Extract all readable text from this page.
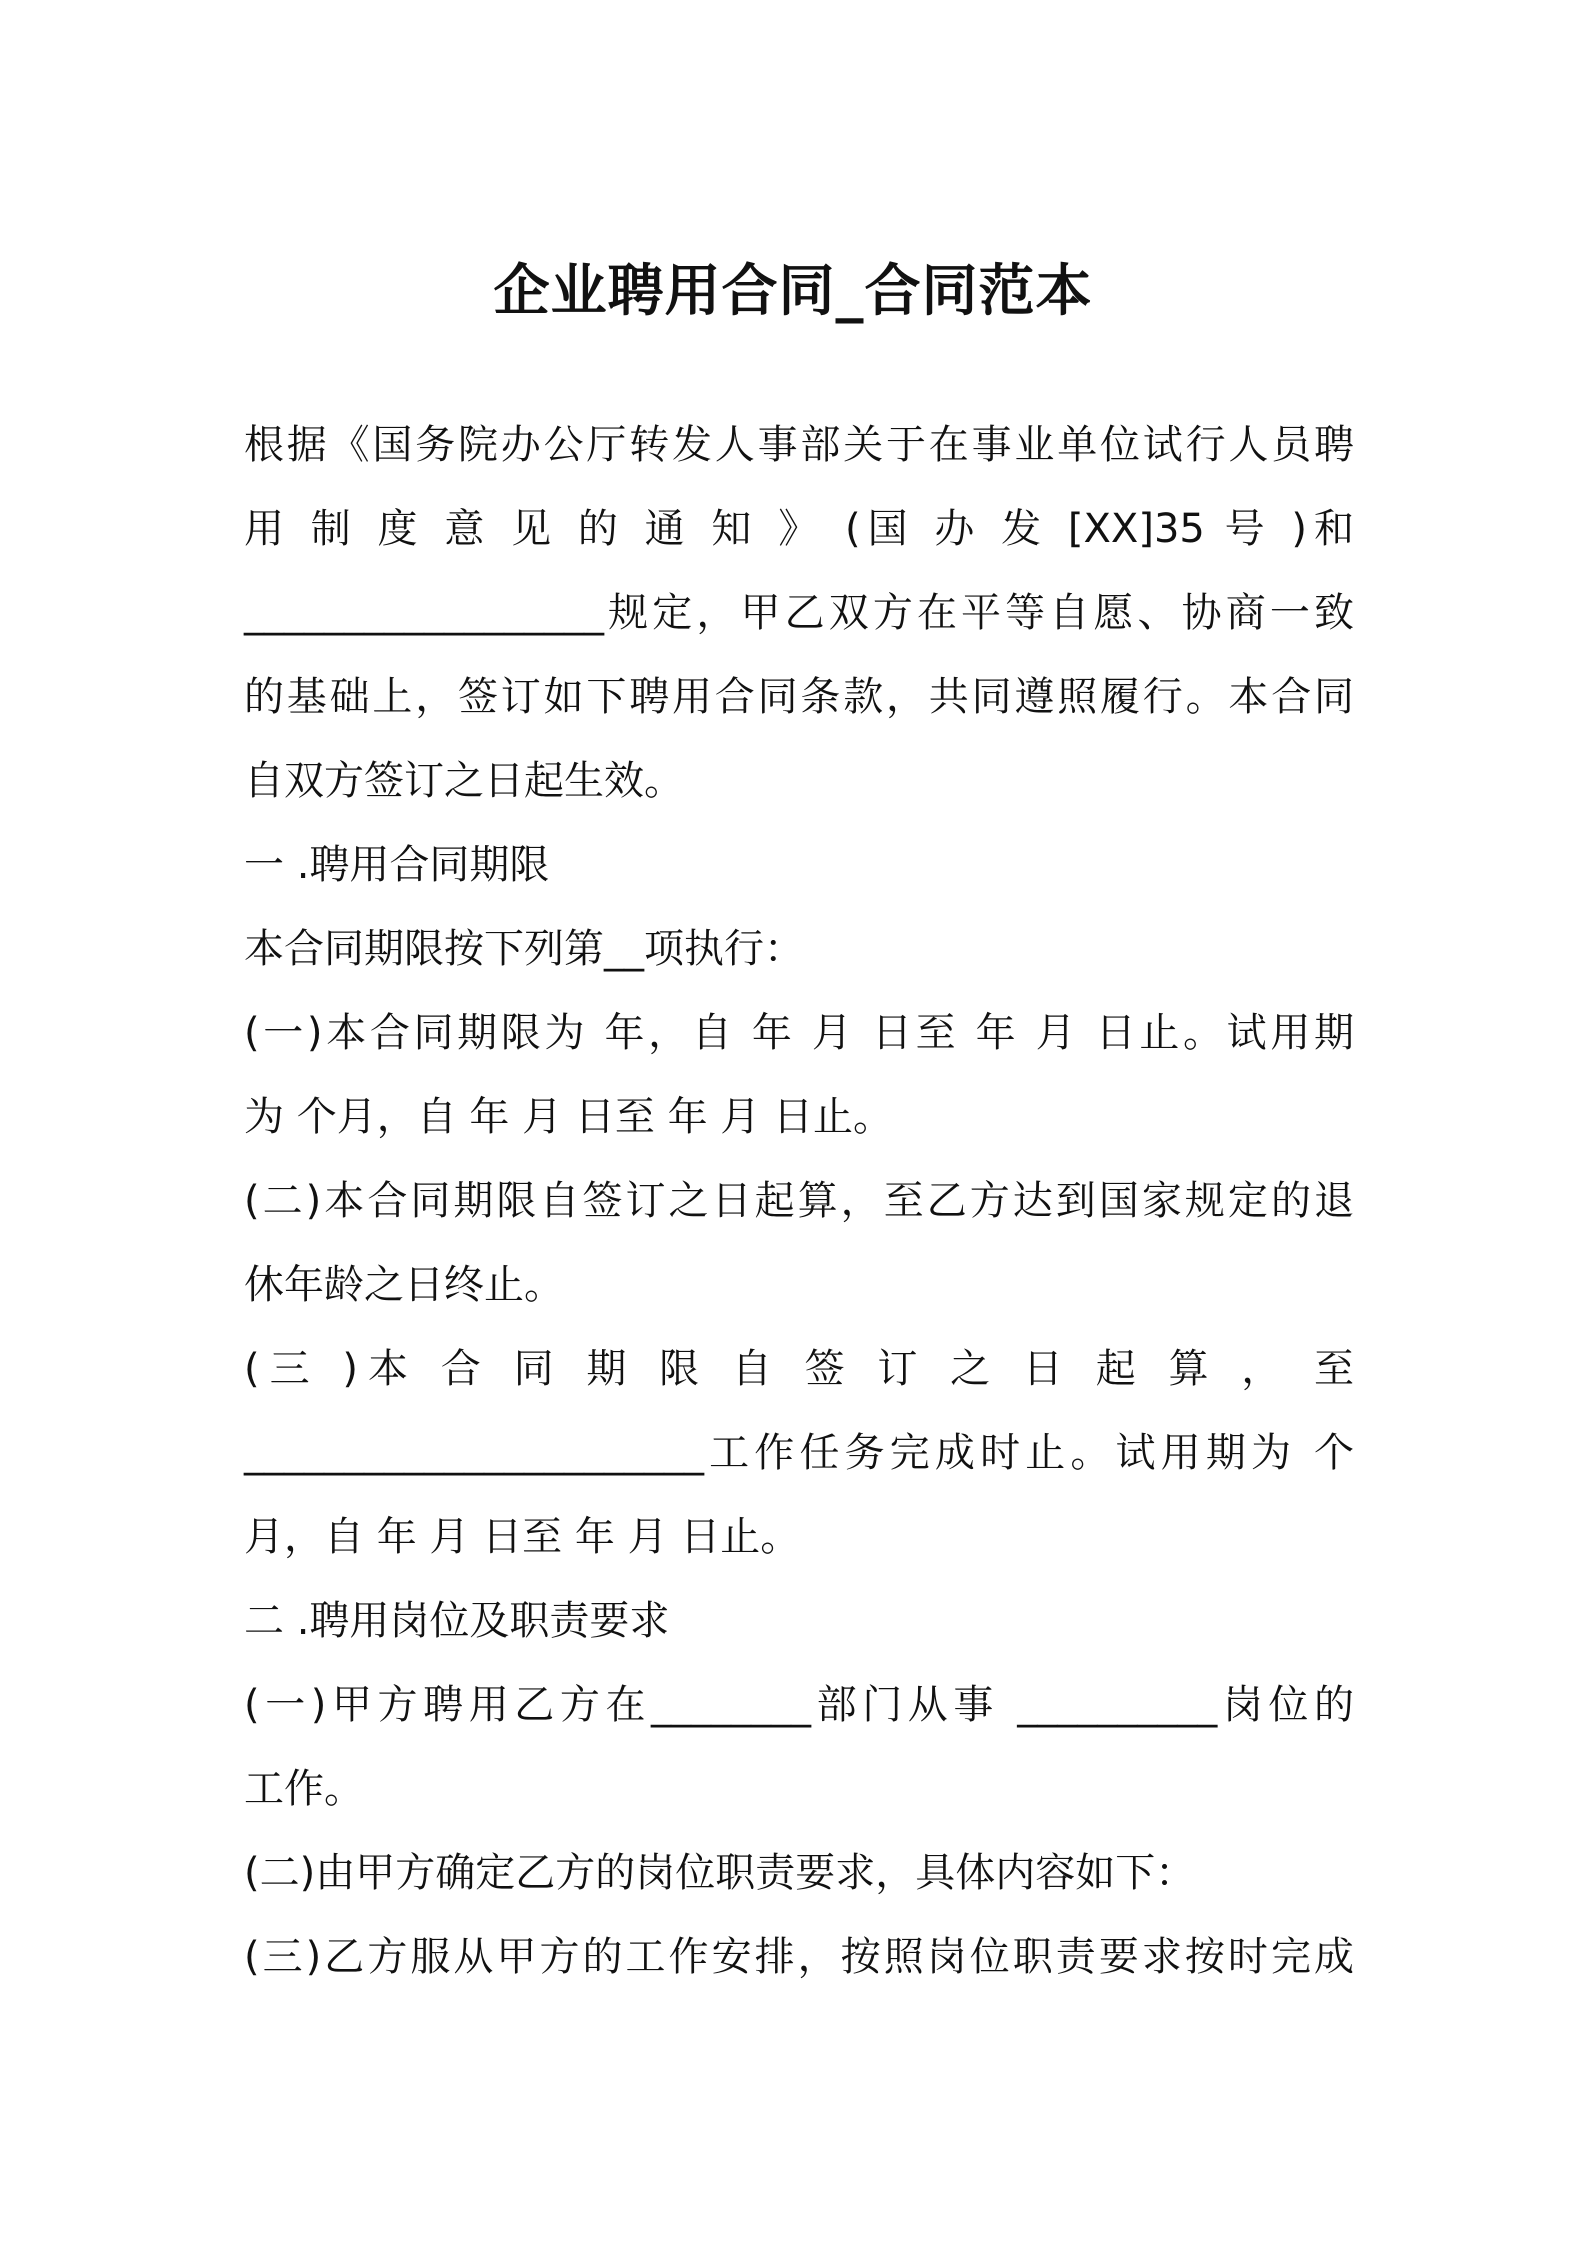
企业聘用合同_合同范本
根据《国务院办公厅转发人事部关于在事业单位试行人员聘
用 制 度 意 见 的 通 知 》 (国 办 发 [XX]35 号 )和
__________________规定，甲乙双方在平等自愿、协商一致
的基础上，签订如下聘用合同条款，共同遵照履行。本合同
自双方签订之日起生效。
一 .聘用合同期限
本合同期限按下列第__项执行：
(一)本合同期限为 年，自 年 月 日至 年 月 日止。试用期
为 个月，自 年 月 日至 年 月 日止。
(二)本合同期限自签订之日起算，至乙方达到国家规定的退
休年龄之日终止。
(三 )本 合 同 期 限 自 签 订 之 日 起 算 ， 至
_______________________工作任务完成时止。试用期为 个
月，自 年 月 日至 年 月 日止。
二 .聘用岗位及职责要求
(一)甲方聘用乙方在________部门从事 __________岗位的
工作。
(二)由甲方确定乙方的岗位职责要求，具体内容如下：
(三)乙方服从甲方的工作安排，按照岗位职责要求按时完成
